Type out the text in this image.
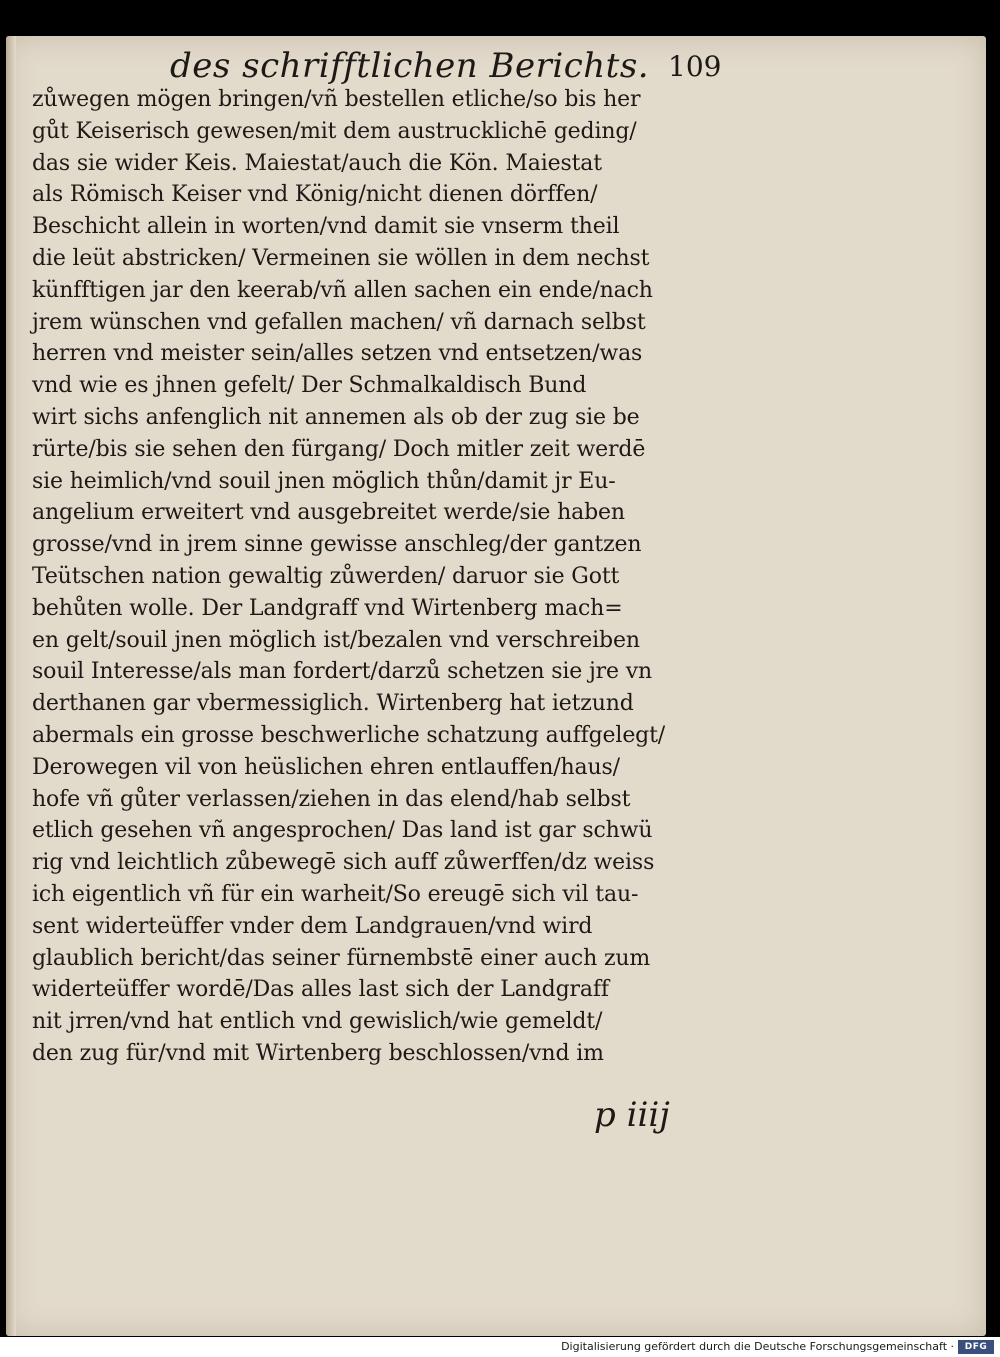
des schrifftlichen Berichts. 109
zůwegen mögen bringen/vñ bestellen etliche/so bis her
gůt Keiserisch gewesen/mit dem austrucklichē geding/
das sie wider Keis. Maiestat/auch die Kön. Maiestat
als Römisch Keiser vnd König/nicht dienen dörffen/
Beschicht allein in worten/vnd damit sie vnserm theil
die leüt abstricken/ Vermeinen sie wöllen in dem nechst
künfftigen jar den keerab/vñ allen sachen ein ende/nach
jrem wünschen vnd gefallen machen/ vñ darnach selbst
herren vnd meister sein/alles setzen vnd entsetzen/was
vnd wie es jhnen gefelt/ Der Schmalkaldisch Bund
wirt sichs anfenglich nit annemen als ob der zug sie be
rürte/bis sie sehen den fürgang/ Doch mitler zeit werdē
sie heimlich/vnd souil jnen möglich thůn/damit jr Eu-
angelium erweitert vnd ausgebreitet werde/sie haben
grosse/vnd in jrem sinne gewisse anschleg/der gantzen
Teütschen nation gewaltig zůwerden/ daruor sie Gott
behůten wolle. Der Landgraff vnd Wirtenberg mach=
en gelt/souil jnen möglich ist/bezalen vnd verschreiben
souil Interesse/als man fordert/darzů schetzen sie jre vn
derthanen gar vbermessiglich. Wirtenberg hat ietzund
abermals ein grosse beschwerliche schatzung auffgelegt/
Derowegen vil von heüslichen ehren entlauffen/haus/
hofe vñ gůter verlassen/ziehen in das elend/hab selbst
etlich gesehen vñ angesprochen/ Das land ist gar schwü
rig vnd leichtlich zůbewegē sich auff zůwerffen/dz weiss
ich eigentlich vñ für ein warheit/So ereugē sich vil tau-
sent widerteüffer vnder dem Landgrauen/vnd wird
glaublich bericht/das seiner fürnembstē einer auch zum
widerteüffer wordē/Das alles last sich der Landgraff
nit jrren/vnd hat entlich vnd gewislich/wie gemeldt/
den zug für/vnd mit Wirtenberg beschlossen/vnd im
p iiij
Digitalisierung gefördert durch die Deutsche Forschungsgemeinschaft ·	DFG
